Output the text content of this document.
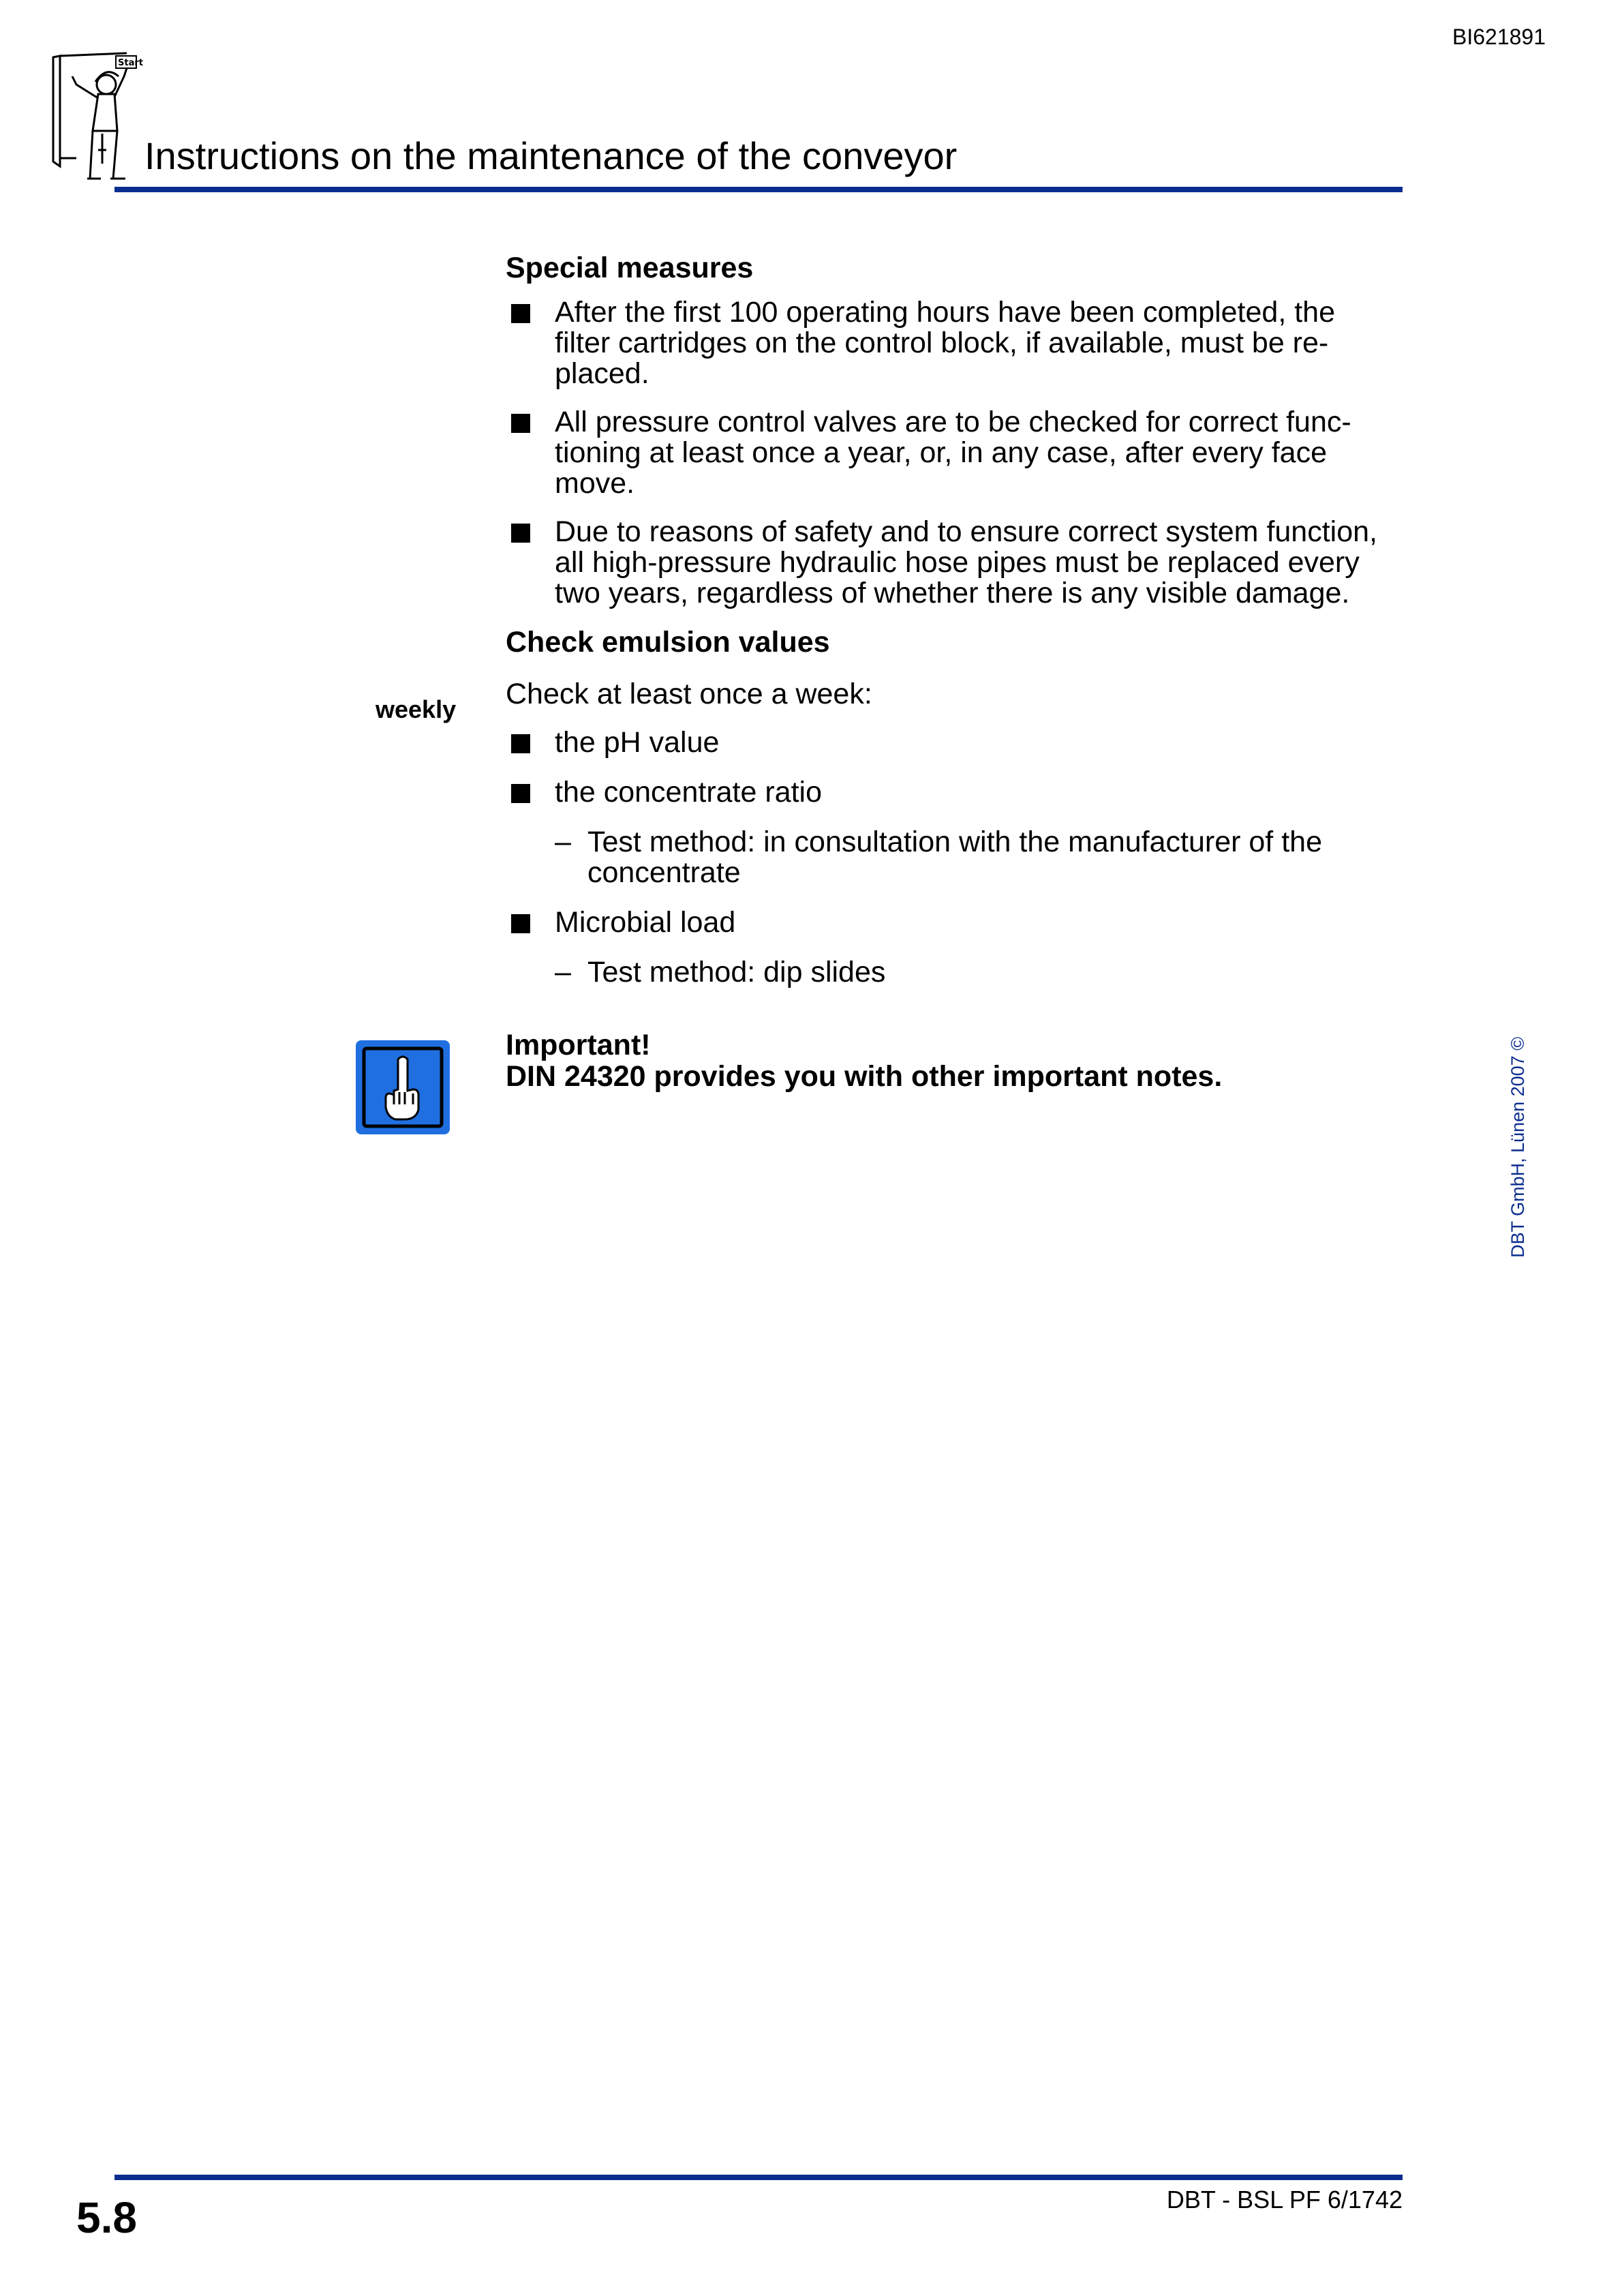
BI621891
Start
Instructions on the maintenance of the conveyor
weekly
Special measures
After the first 100 operating hours have been completed, the
filter cartridges on the control block, if available, must be re-
placed.
All pressure control valves are to be checked for correct func-
tioning at least once a year, or, in any case, after every face
move.
Due to reasons of safety and to ensure correct system function,
all high-pressure hydraulic hose pipes must be replaced every
two years, regardless of whether there is any visible damage.
Check emulsion values
Check at least once a week:
the pH value
the concentrate ratio
– Test method: in consultation with the manufacturer of the
concentrate
Microbial load
– Test method: dip slides
Important!
DIN 24320 provides you with other important notes.	DBT GmbH, Lünen 2007 ©
5.8	DBT - BSL PF 6/1742
